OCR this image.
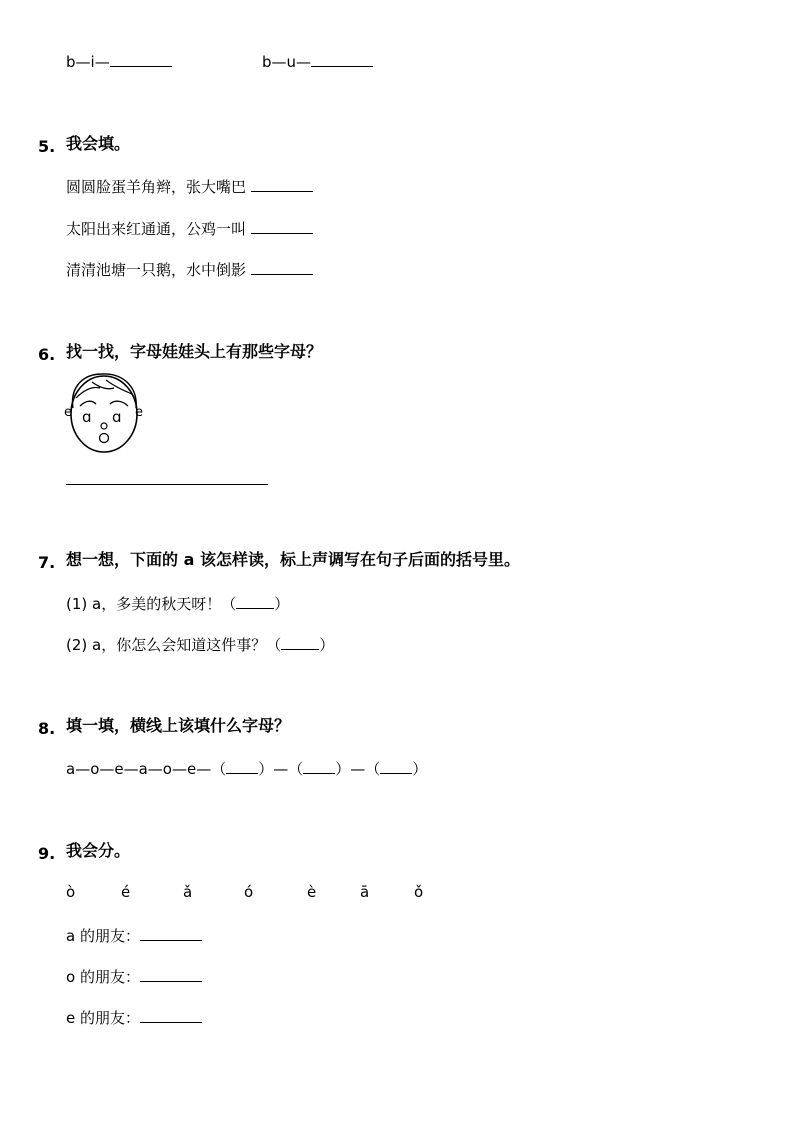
b—i—	b—u—
5. 我会填。
圆圆脸蛋羊角辫，张大嘴巴
太阳出来红通通，公鸡一叫
清清池塘一只鹅，水中倒影
6. 找一找，字母娃娃头上有那些字母？
ɑ ɑ
e	e
7. 想一想，下面的 a 该怎样读，标上声调写在句子后面的括号里。
(1) a，多美的秋天呀！（	）
(2) a，你怎么会知道这件事？（	）
8. 填一填，横线上该填什么字母？
a—o—e—a—o—e—（ ）—（ ）—（ ）
9. 我会分。
ò	é	ǎ	ó	è	ā	ǒ
a 的朋友：
o 的朋友：
e 的朋友：
